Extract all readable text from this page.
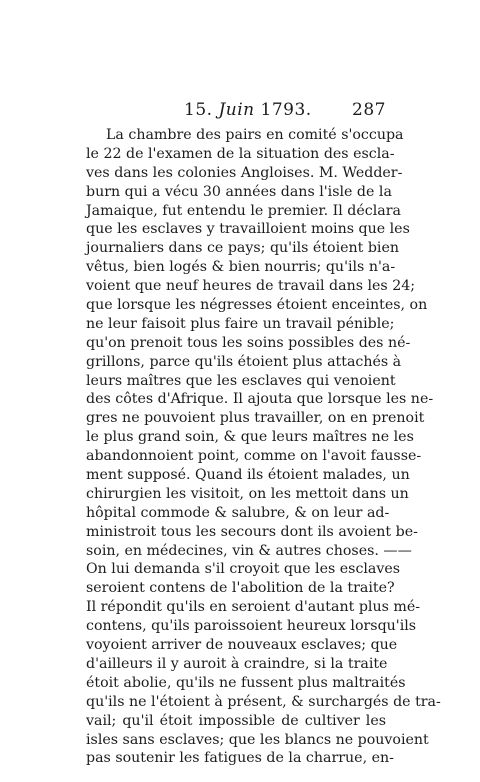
15. Juin 1793. 287
La chambre des pairs en comité s'occupa
le 22 de l'examen de la situation des escla-
ves dans les colonies Angloises. M. Wedder-
burn qui a vécu 30 années dans l'isle de la
Jamaique, fut entendu le premier. Il déclara
que les esclaves y travailloient moins que les
journaliers dans ce pays; qu'ils étoient bien
vêtus, bien logés & bien nourris; qu'ils n'a-
voient que neuf heures de travail dans les 24;
que lorsque les négresses étoient enceintes, on
ne leur faisoit plus faire un travail pénible;
qu'on prenoit tous les soins possibles des né-
grillons, parce qu'ils étoient plus attachés à
leurs maîtres que les esclaves qui venoient
des côtes d'Afrique. Il ajouta que lorsque les ne-
gres ne pouvoient plus travailler, on en prenoit
le plus grand soin, & que leurs maîtres ne les
abandonnoient point, comme on l'avoit fausse-
ment supposé. Quand ils étoient malades, un
chirurgien les visitoit, on les mettoit dans un
hôpital commode & salubre, & on leur ad-
ministroit tous les secours dont ils avoient be-
soin, en médecines, vin & autres choses. ——
On lui demanda s'il croyoit que les esclaves
seroient contens de l'abolition de la traite?
Il répondit qu'ils en seroient d'autant plus mé-
contens, qu'ils paroissoient heureux lorsqu'ils
voyoient arriver de nouveaux esclaves; que
d'ailleurs il y auroit à craindre, si la traite
étoit abolie, qu'ils ne fussent plus maltraités
qu'ils ne l'étoient à présent, & surchargés de tra-
vail; qu'il étoit impossible de cultiver les
isles sans esclaves; que les blancs ne pouvoient
pas soutenir les fatigues de la charrue, en-
